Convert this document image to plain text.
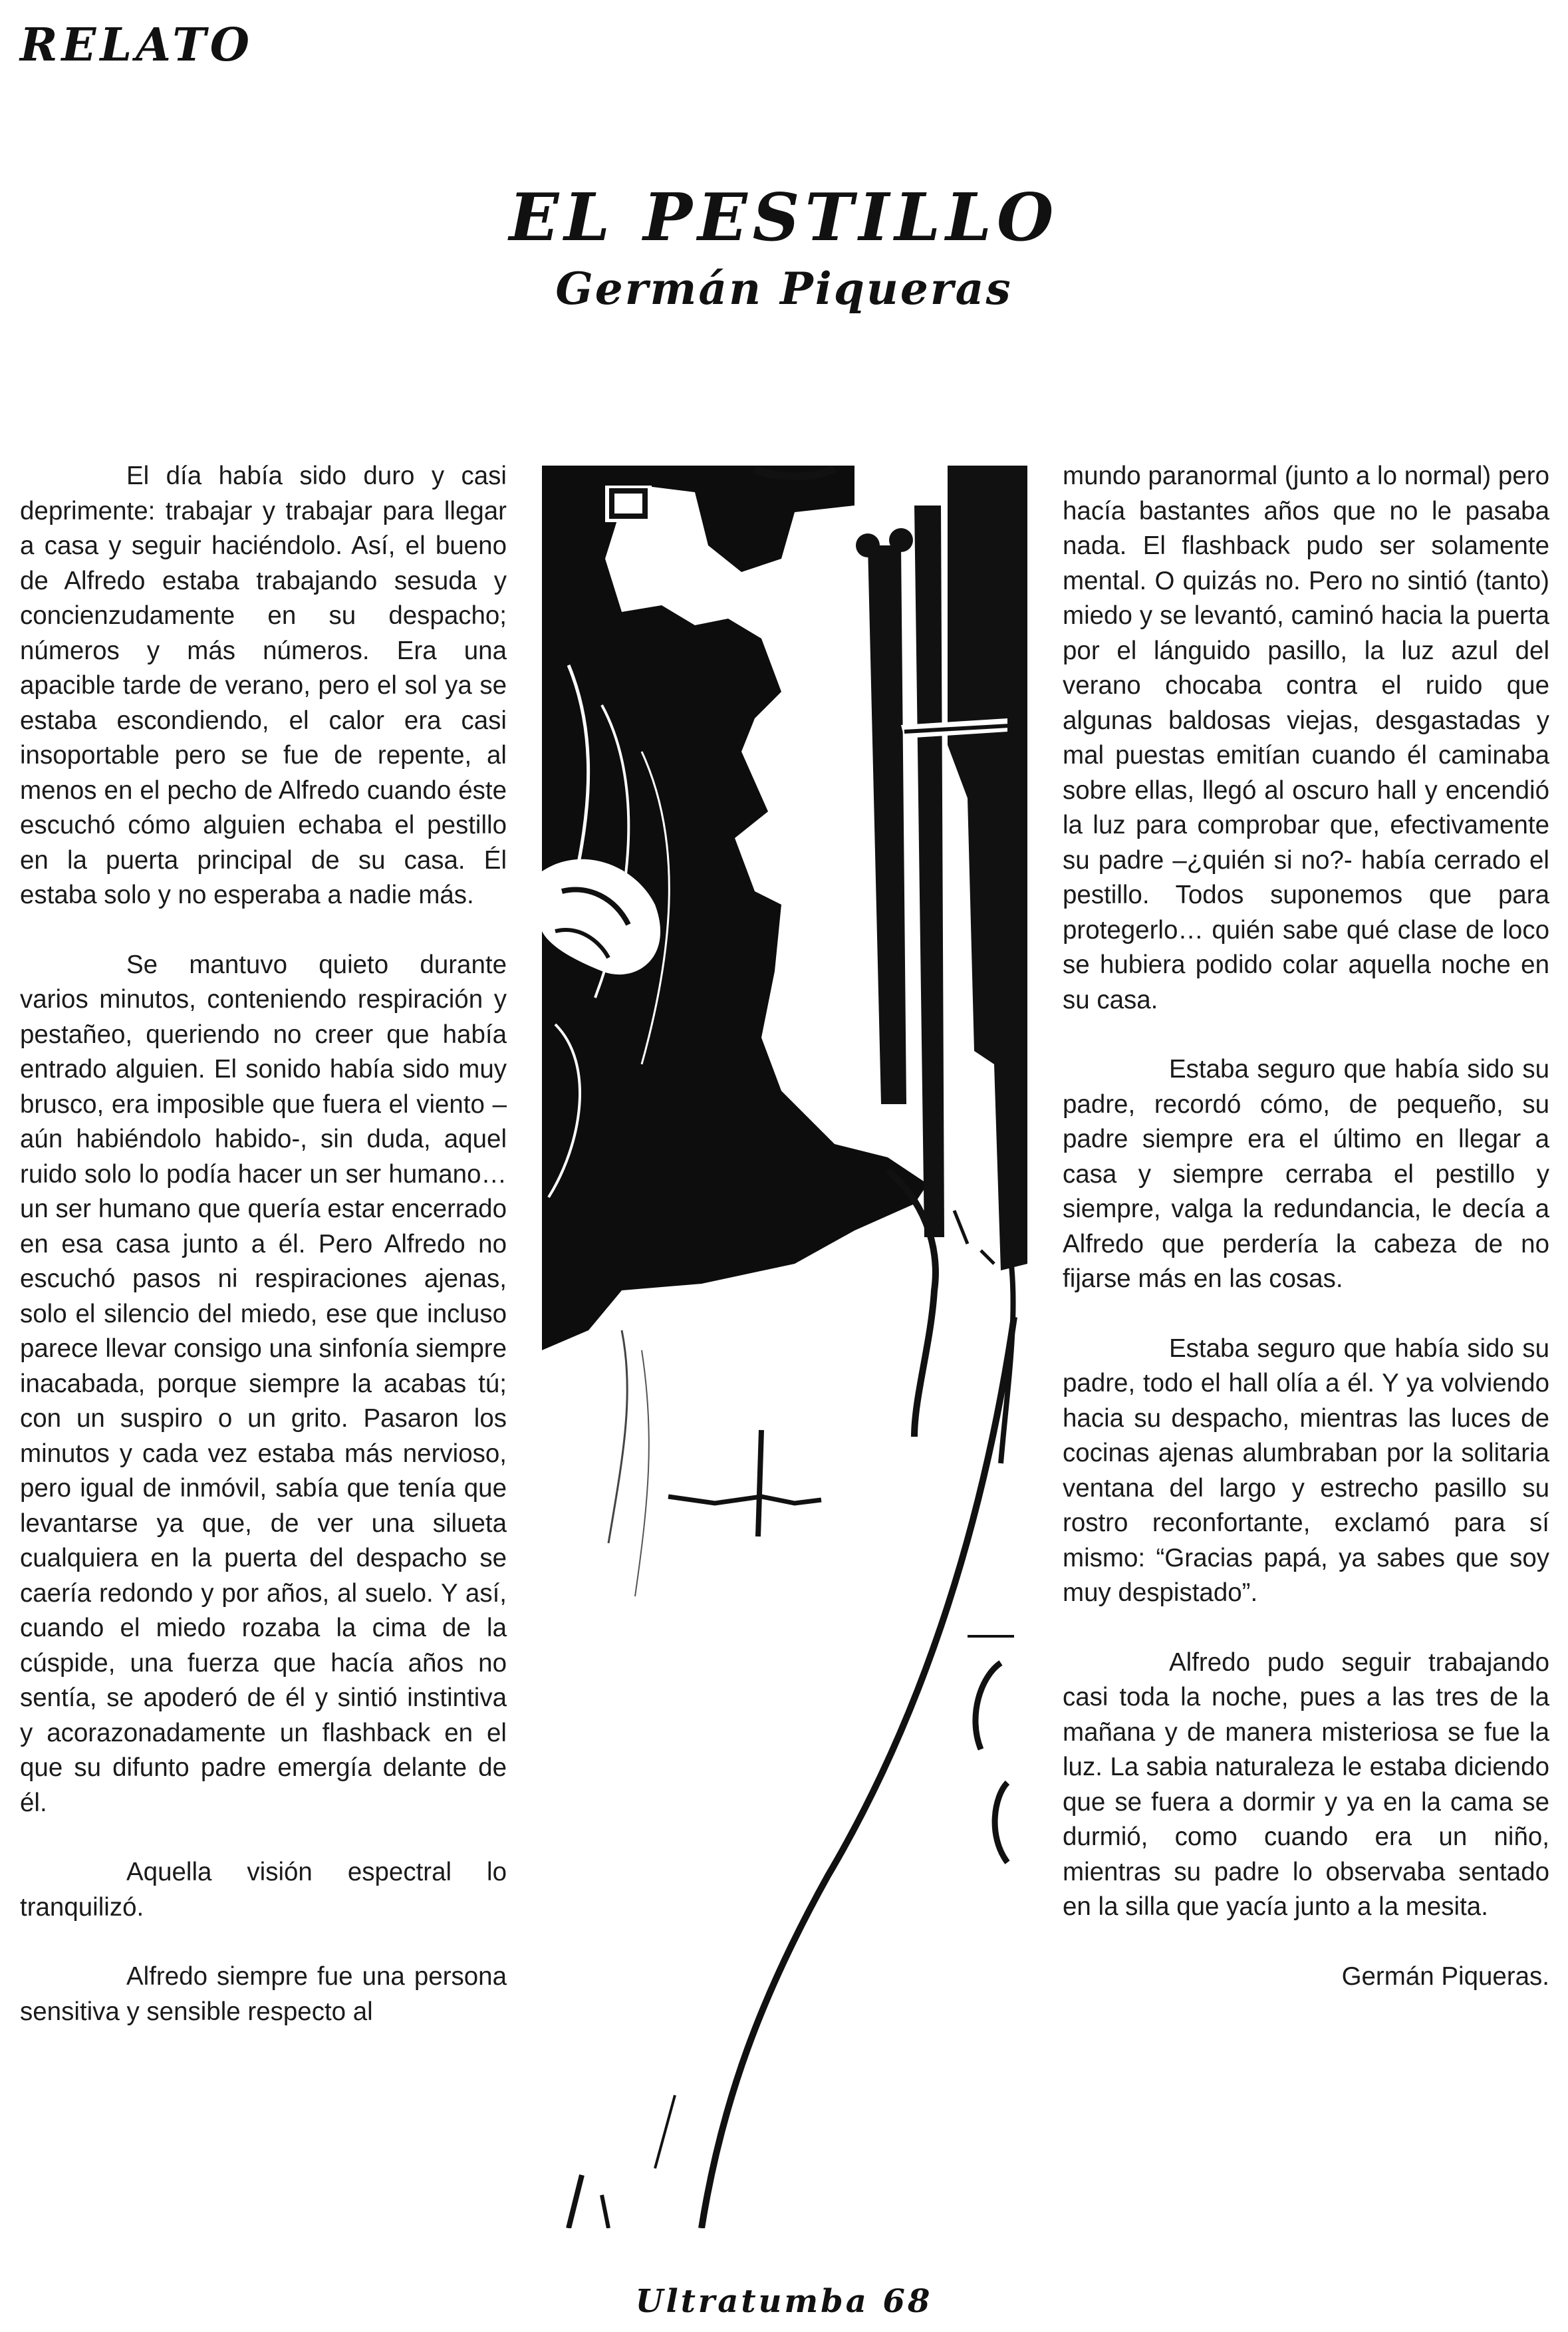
RELATO
EL PESTILLO
Germán Piqueras

El día había sido duro y casi deprimente: trabajar y trabajar para llegar a casa y seguir haciéndolo. Así, el bueno de Alfredo estaba trabajando sesuda y concienzudamente en su despacho; números y más números. Era una apacible tarde de verano, pero el sol ya se estaba escondiendo, el calor era casi insoportable pero se fue de repente, al menos en el pecho de Alfredo cuando éste escuchó cómo alguien echaba el pestillo en la puerta principal de su casa. Él estaba solo y no esperaba a nadie más.

Se mantuvo quieto durante varios minutos, conteniendo respiración y pestañeo, queriendo no creer que había entrado alguien. El sonido había sido muy brusco, era imposible que fuera el viento –aún habiéndolo habido-, sin duda, aquel ruido solo lo podía hacer un ser humano… un ser humano que quería estar encerrado en esa casa junto a él. Pero Alfredo no escuchó pasos ni respiraciones ajenas, solo el silencio del miedo, ese que incluso parece llevar consigo una sinfonía siempre inacabada, porque siempre la acabas tú; con un suspiro o un grito. Pasaron los minutos y cada vez estaba más nervioso, pero igual de inmóvil, sabía que tenía que levantarse ya que, de ver una silueta cualquiera en la puerta del despacho se caería redondo y por años, al suelo. Y así, cuando el miedo rozaba la cima de la cúspide, una fuerza que hacía años no sentía, se apoderó de él y sintió instintiva y acorazonadamente un flashback en el que su difunto padre emergía delante de él.

Aquella visión espectral lo tranquilizó.

Alfredo siempre fue una persona sensitiva y sensible respecto al

mundo paranormal (junto a lo normal) pero hacía bastantes años que no le pasaba nada. El flashback pudo ser solamente mental. O quizás no. Pero no sintió (tanto) miedo y se levantó, caminó hacia la puerta por el lánguido pasillo, la luz azul del verano chocaba contra el ruido que algunas baldosas viejas, desgastadas y mal puestas emitían cuando él caminaba sobre ellas, llegó al oscuro hall y encendió la luz para comprobar que, efectivamente su padre –¿quién si no?- había cerrado el pestillo. Todos suponemos que para protegerlo… quién sabe qué clase de loco se hubiera podido colar aquella noche en su casa.

Estaba seguro que había sido su padre, recordó cómo, de pequeño, su padre siempre era el último en llegar a casa y siempre cerraba el pestillo y siempre, valga la redundancia, le decía a Alfredo que perdería la cabeza de no fijarse más en las cosas.

Estaba seguro que había sido su padre, todo el hall olía a él. Y ya volviendo hacia su despacho, mientras las luces de cocinas ajenas alumbraban por la solitaria ventana del largo y estrecho pasillo su rostro reconfortante, exclamó para sí mismo: “Gracias papá, ya sabes que soy muy despistado”.

Alfredo pudo seguir trabajando casi toda la noche, pues a las tres de la mañana y de manera misteriosa se fue la luz. La sabia naturaleza le estaba diciendo que se fuera a dormir y ya en la cama se durmió, como cuando era un niño, mientras su padre lo observaba sentado en la silla que yacía junto a la mesita.

Germán Piqueras.

Ultratumba 68
